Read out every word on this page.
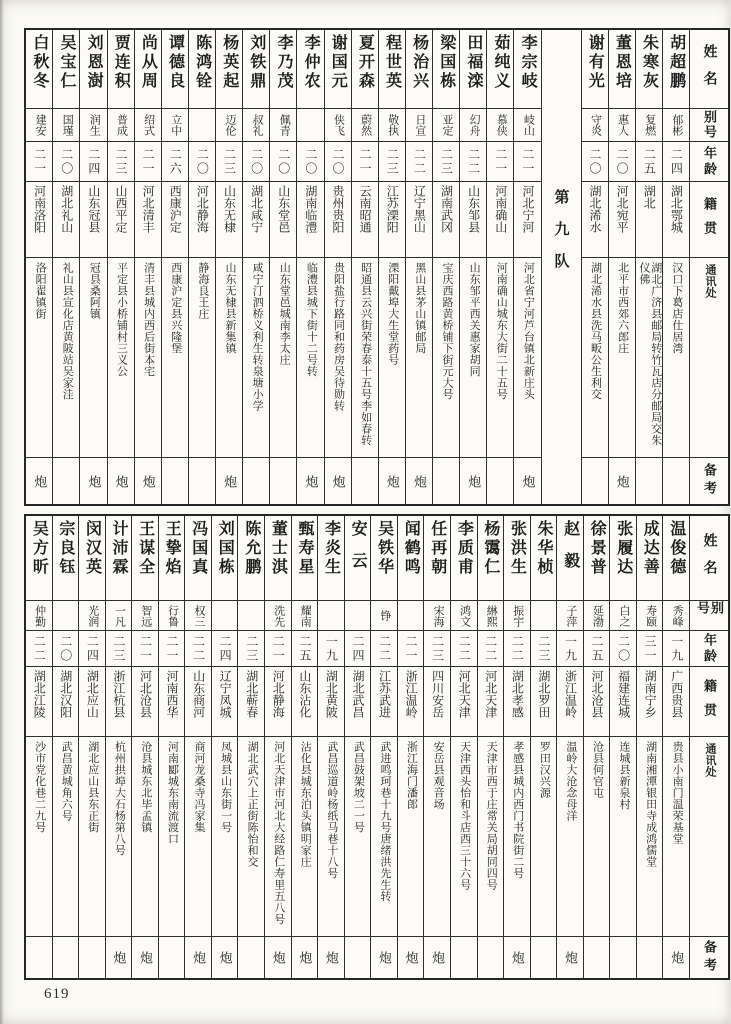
姓名
别号
年龄
籍贯
通讯处
备考
胡超鹏
郁彬
二四
湖北鄂城
汉口下葛店仕居湾
朱寒灰
复燃
二五
湖北
湖北广济县邮局转竹瓦店分邮局交朱仪佛
董恩培
惠人
二〇
河北宛平
北平市西郊六郎庄
炮
谢有光
守炎
二〇
湖北浠水
湖北浠水县洗马畈公生利交
第九队
李宗岐
岐山
二一
河北宁河
河北省宁河芦台镇北新庄头
炮
茹纯义
慕侠
二一
河南确山
河南确山城东大街二十五号
田福滦
幻舟
二二
山东邹县
山东邹平西关惠家胡同
炮
梁国栋
亚定
二三
湖南武冈
宝庆西路黄桥铺下街元大号
杨治兴
日宣
二二
辽宁黑山
黑山县茅山镇邮局
炮
程世英
敬执
二三
江苏溧阳
溧阳戴埠大生堂药号
炮
夏开森
蔚然
二一
云南昭通
昭通县云兴街荣春泰十五号李如春转
谢国元
侠飞
二〇
贵州贵阳
贵阳盐行路同和药房吴待勋转
炮
李仲农
二〇
湖南临澧
临澧县城下街十二号转
炮
李乃茂
佩青
二〇
山东堂邑
山东堂邑城南李太庄
刘铁鼎
叔礼
二〇
湖北咸宁
咸宁汀泗桥义利生转泉塘小学
杨英起
迈伦
二三
山东无棣
山东无棣县新集镇
炮
陈鸿铨
二〇
河北静海
静海良王庄
谭德良
立中
二六
西康沪定
西康沪定县兴隆堡
尚从周
绍式
二一
河北清丰
清丰县城内西后街本宅
炮
贾连积
普成
二三
山西平定
平定县小桥铺村三义公
炮
刘恩澍
润生
二四
山东冠县
冠县桑阿镇
炮
吴宝仁
国瑾
二〇
湖北礼山
礼山县宣化店黄陂站吴家洼
白秋冬
建安
二一
河南洛阳
洛阳翟镇街
炮
姓名
别号
年龄
籍贯
通讯处
备考
温俊德
秀峰
一九
广西贵县
贵县小南门温荣基堂
炮
成达善
寿颐
三一
湖南宁乡
湖南湘潭银田寺成鸿儒堂
张履达
白之
二〇
福建连城
连城县新泉村
徐景普
延渤
二五
河北沧县
沧县何官屯
赵毅
子萍
一九
浙江温岭
温岭大沧念母洋
炮
朱华桢
二三
湖北罗田
罗田汉兴源
张洪生
振宇
二二
湖北孝感
孝感县城内西门书院街二号
炮
杨霭仁
綝熙
二二
河北天津
天津市西于庄常关局胡同四号
李质甫
鸿文
二二
河北天津
天津西头怡和斗店西三十六号
任再朝
宋海
二三
四川安岳
安岳县观音场
炮
闻鹤鸣
二一
浙江温岭
浙江海门潘郎
炮
吴铁华
铮
二二
江苏武进
武进鸣珂巷十九号唐绪洪先生转
炮
安云
二四
湖北武昌
武昌鼓架坡二一号
李炎生
一九
湖北黄陂
武昌巡道岭杨纸马巷十八号
炮
甄寿星
耀南
二五
山东沾化
沾化县城东泊头镇明家庄
炮
董士淇
洗先
二一
河北静海
河北天津市河北大经路仁寿里五八号
炮
陈允鹏
二三
湖北蕲春
湖北武穴上正街陈怡和交
刘国栋
二四
辽宁凤城
凤城县山东街一号
炮
冯国真
权三
二二
山东商河
商河龙桑寺冯家集
炮
王挚焰
行鲁
二一
河南西华
河南郾城东南流渡口
王谋全
智远
二一
河北沧县
沧县城东北毕孟镇
炮
计沛霖
一凡
二三
浙江杭县
杭州拱埠大石杨第八号
炮
闵汉英
光润
二四
湖北应山
湖北应山县东正街
宗良钰
二〇
湖北汉阳
武昌黄城角六号
吴方昕
仲勤
二二
湖北江陵
沙市党化巷二九号
619
